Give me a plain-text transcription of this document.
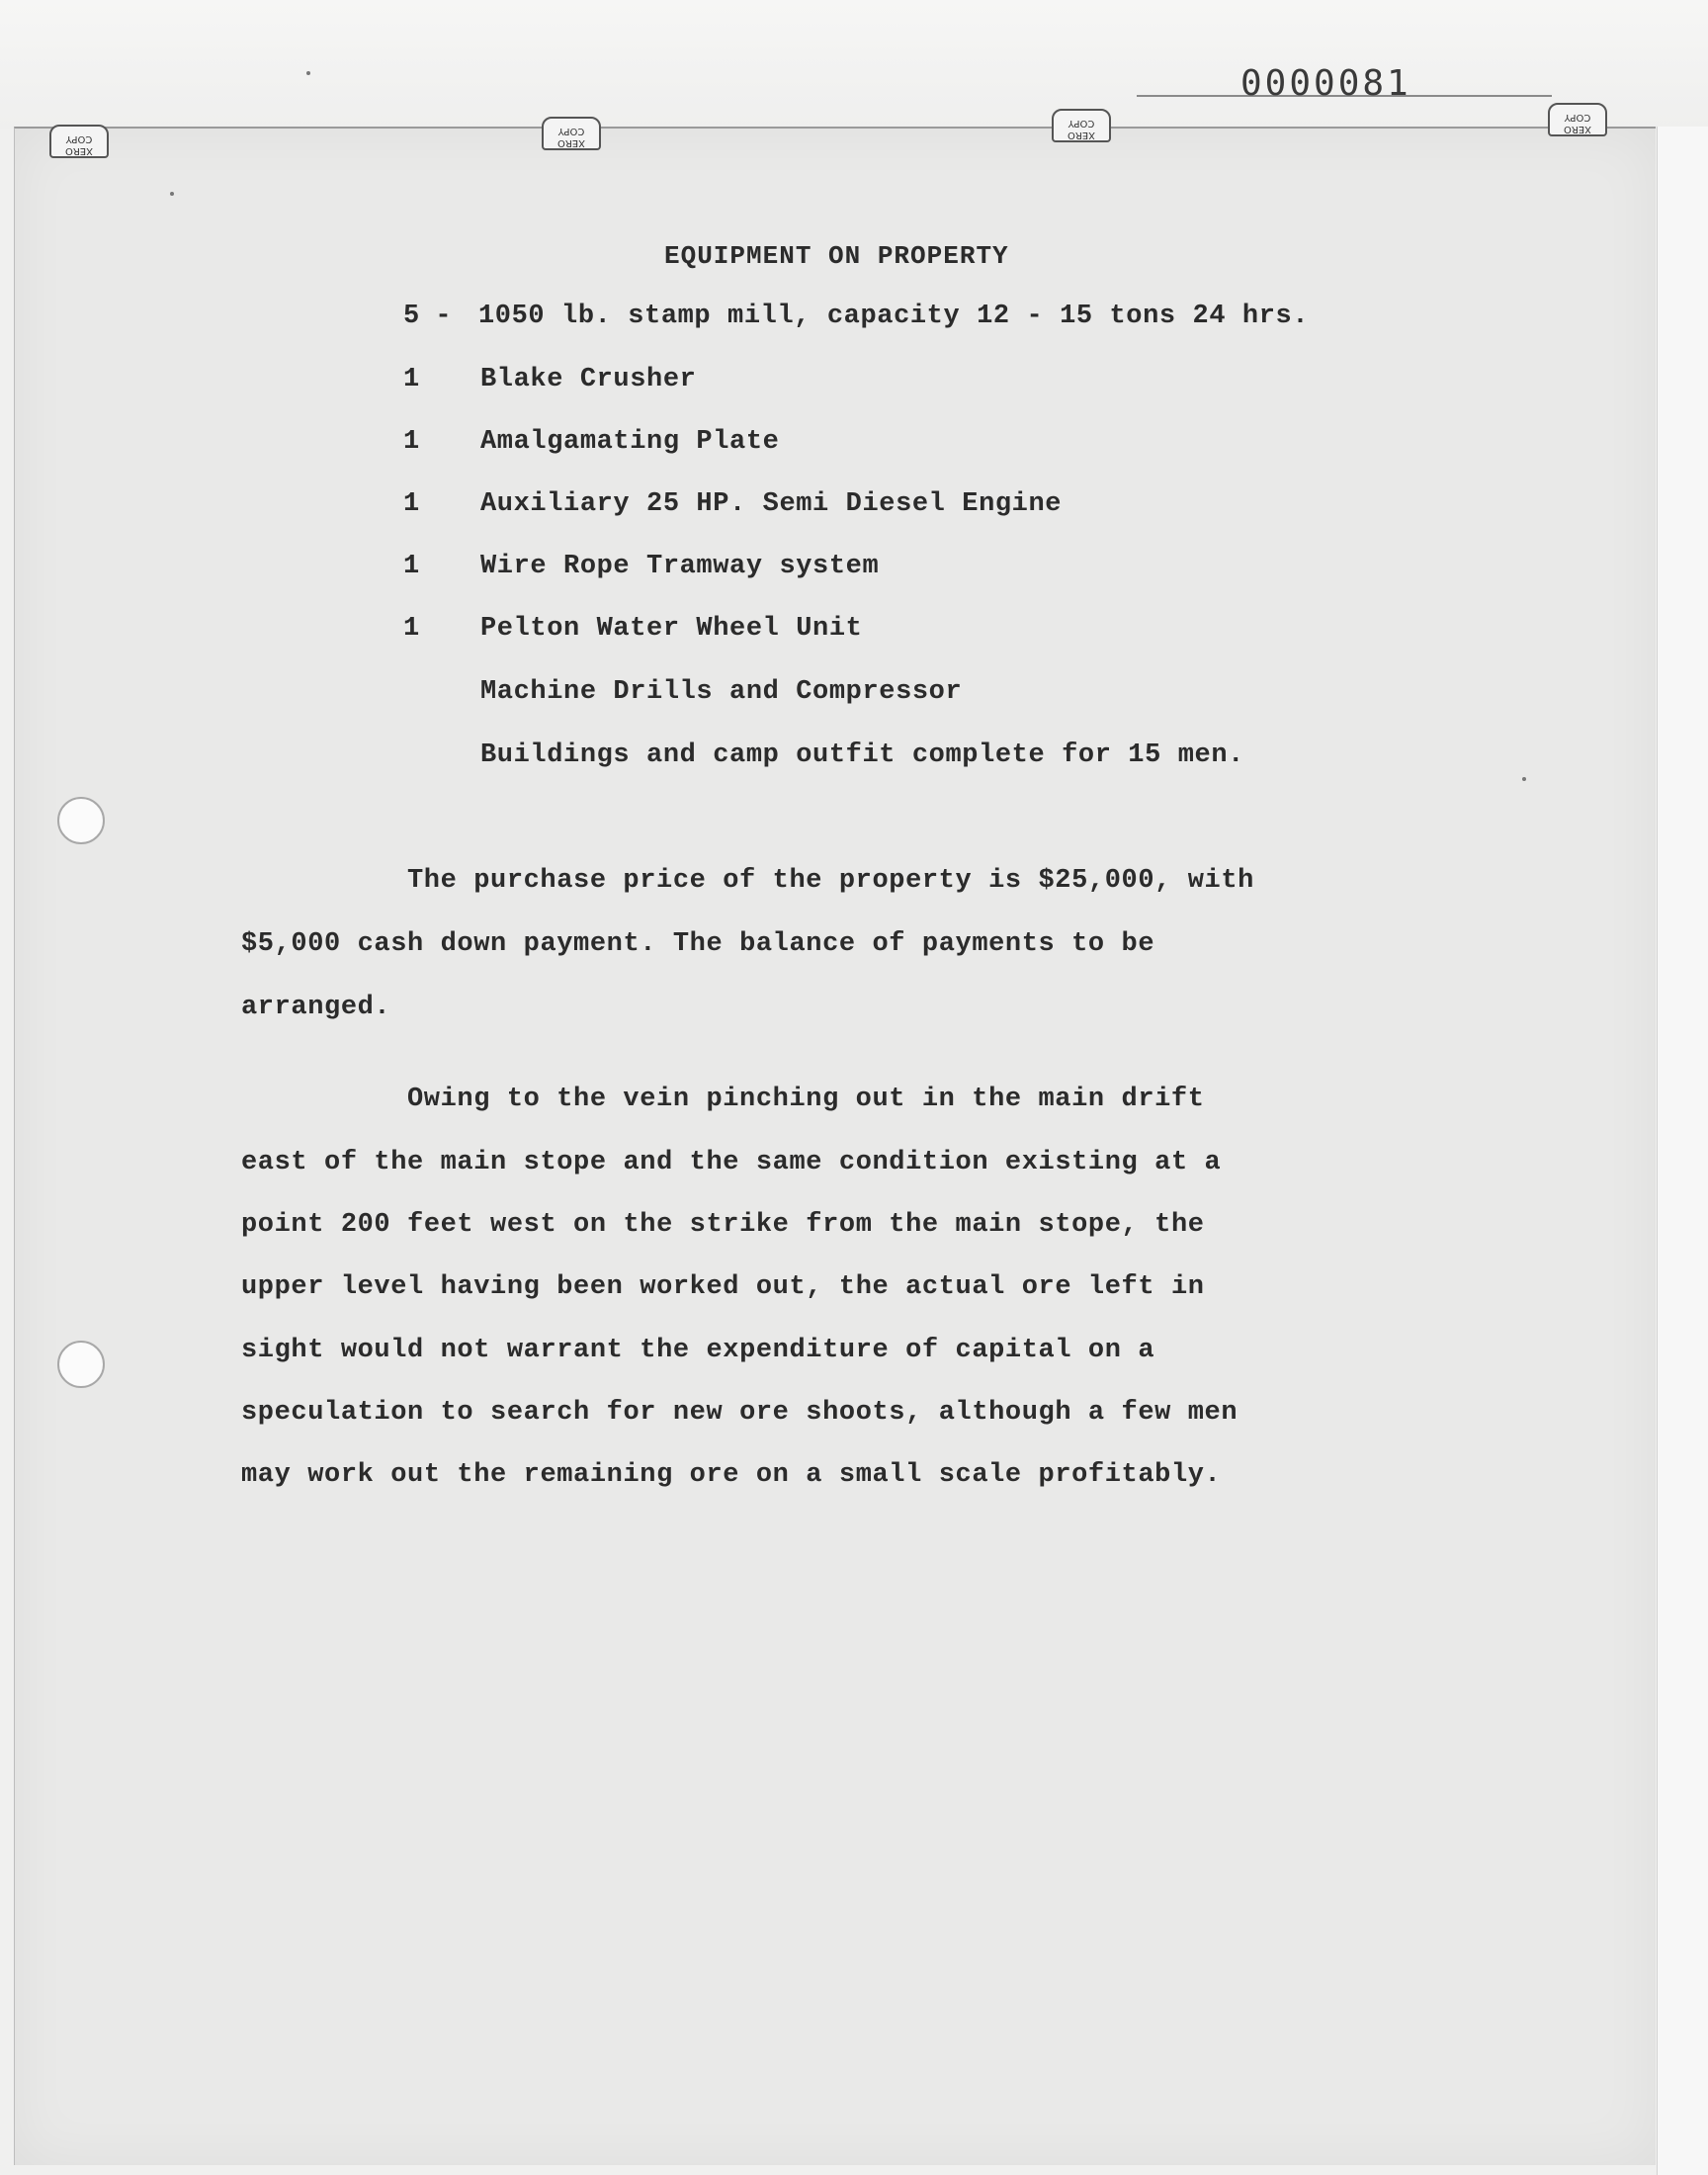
0000081
XERO
COPY	XERO
COPY	XERO
COPY
XERO
COPY
EQUIPMENT ON PROPERTY
5 - 1050 lb. stamp mill, capacity 12 - 15 tons 24 hrs.
1 Blake Crusher
1 Amalgamating Plate
1 Auxiliary 25 HP. Semi Diesel Engine
1 Wire Rope Tramway system
1 Pelton Water Wheel Unit
Machine Drills and Compressor
Buildings and camp outfit complete for 15 men.
The purchase price of the property is $25,000, with
$5,000 cash down payment. The balance of payments to be
arranged.
Owing to the vein pinching out in the main drift
east of the main stope and the same condition existing at a
point 200 feet west on the strike from the main stope, the
upper level having been worked out, the actual ore left in
sight would not warrant the expenditure of capital on a
speculation to search for new ore shoots, although a few men
may work out the remaining ore on a small scale profitably.
